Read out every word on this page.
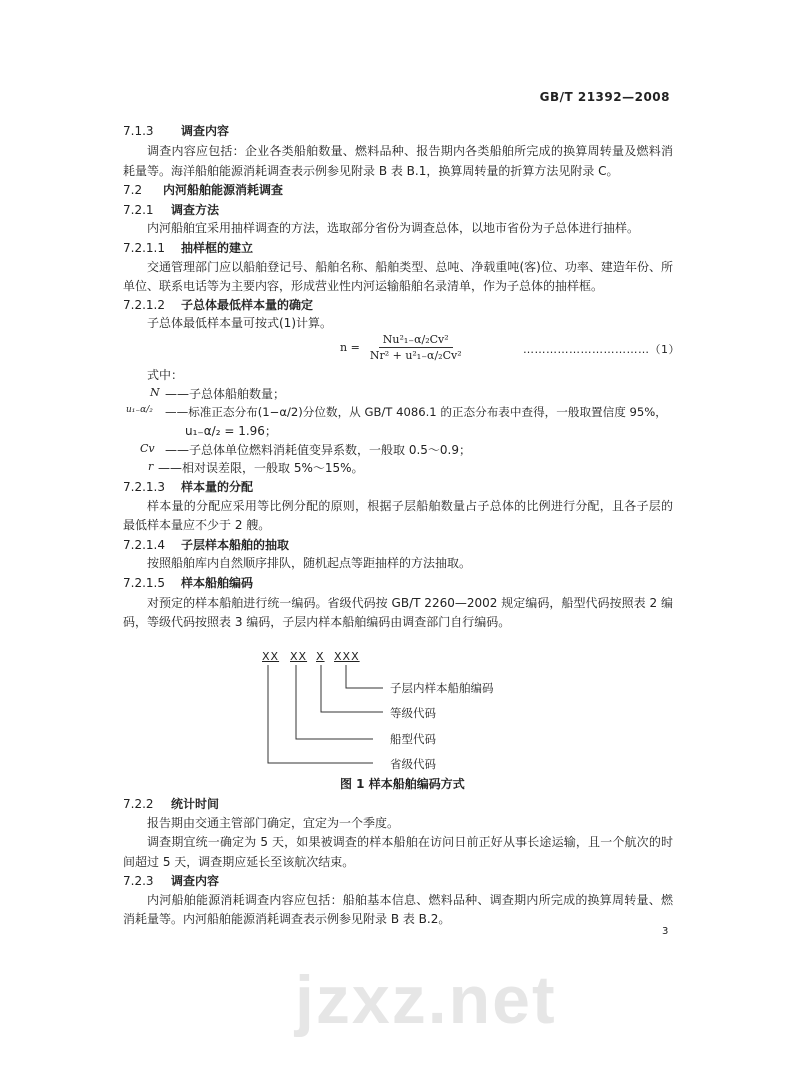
jzxz.net
GB/T 21392—2008
7.1.3 调查内容
调查内容应包括：企业各类船舶数量、燃料品种、报告期内各类船舶所完成的换算周转量及燃料消
耗量等。海洋船舶能源消耗调查表示例参见附录 B 表 B.1，换算周转量的折算方法见附录 C。
7.2 内河船舶能源消耗调查
7.2.1 调查方法
内河船舶宜采用抽样调查的方法，选取部分省份为调查总体，以地市省份为子总体进行抽样。
7.2.1.1 抽样框的建立
交通管理部门应以船舶登记号、船舶名称、船舶类型、总吨、净载重吨(客)位、功率、建造年份、所
单位、联系电话等为主要内容，形成营业性内河运输船舶名录清单，作为子总体的抽样框。
7.2.1.2 子总体最低样本量的确定
子总体最低样本量可按式(1)计算。
$n = \frac{\text{Nu²₁₋α/₂Cv²}}{\text{Nr² + u²₁₋α/₂Cv²}}$	……………………………（1）
式中：
N ——子总体船舶数量；
u₁₋α/₂ ——标准正态分布(1−α/2)分位数，从 GB/T 4086.1 的正态分布表中查得，一般取置信度 95%，
u₁₋α/₂ = 1.96；
Cv ——子总体单位燃料消耗值变异系数，一般取 0.5～0.9；
r ——相对误差限，一般取 5%～15%。
7.2.1.3 样本量的分配
样本量的分配应采用等比例分配的原则，根据子层船舶数量占子总体的比例进行分配，且各子层的
最低样本量应不少于 2 艘。
7.2.1.4 子层样本船舶的抽取
按照船舶库内自然顺序排队，随机起点等距抽样的方法抽取。
7.2.1.5 样本船舶编码
对预定的样本船舶进行统一编码。省级代码按 GB/T 2260—2002 规定编码，船型代码按照表 2 编
码，等级代码按照表 3 编码，子层内样本船舶编码由调查部门自行编码。
XX XX X XXX
子层内样本船舶编码
等级代码
船型代码
省级代码
图 1 样本船舶编码方式
7.2.2 统计时间
报告期由交通主管部门确定，宜定为一个季度。
调查期宜统一确定为 5 天，如果被调查的样本船舶在访问日前正好从事长途运输，且一个航次的时
间超过 5 天，调查期应延长至该航次结束。
7.2.3 调查内容
内河船舶能源消耗调查内容应包括：船舶基本信息、燃料品种、调查期内所完成的换算周转量、燃
消耗量等。内河船舶能源消耗调查表示例参见附录 B 表 B.2。
3
